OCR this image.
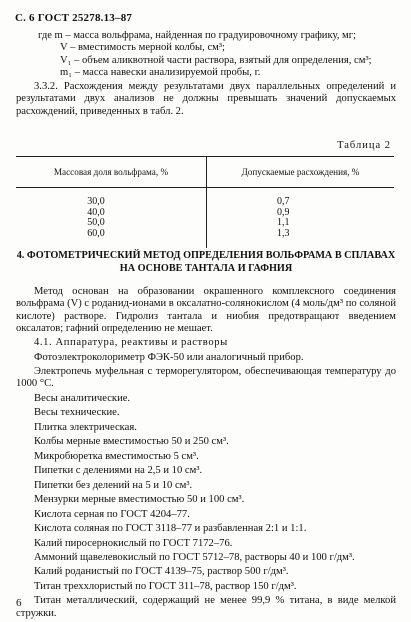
С. 6 ГОСТ 25278.13–87

где m – масса вольфрама, найденная по градуировочному графику, мг;

V – вместимость мерной колбы, см³;

V₁ – объем аликвотной части раствора, взятый для определения, см³;

m₁ – масса навески анализируемой пробы, г.

3.3.2. Расхождения между результатами двух параллельных определений и результатами двух анализов не должны превышать значений допускаемых расхождений, приведенных в табл. 2.

Таблица 2
Массовая доля вольфрама, %	Допускаемые расхождения, %
30,0
40,0
50,0
60,0
0,7
0,9
1,1
1,3
4. ФОТОМЕТРИЧЕСКИЙ МЕТОД ОПРЕДЕЛЕНИЯ ВОЛЬФРАМА В СПЛАВАХ
НА ОСНОВЕ ТАНТАЛА И ГАФНИЯ

Метод основан на образовании окрашенного комплексного соединения вольфрама (V) с роданид-ионами в оксалатно-солянокислом (4 моль/дм³ по соляной кислоте) растворе. Гидролиз тантала и ниобия предотвращают введением оксалатов; гафний определению не мешает.

4.1. Аппаратура, реактивы и растворы

Фотоэлектроколориметр ФЭК-50 или аналогичный прибор.

Электропечь муфельная с терморегулятором, обеспечивающая температуру до 1000 °С.

Весы аналитические.

Весы технические.

Плитка электрическая.

Колбы мерные вместимостью 50 и 250 см³.

Микробюретка вместимостью 5 см³.

Пипетки с делениями на 2,5 и 10 см³.

Пипетки без делений на 5 и 10 см³.

Мензурки мерные вместимостью 50 и 100 см³.

Кислота серная по ГОСТ 4204–77.

Кислота соляная по ГОСТ 3118–77 и разбавленная 2:1 и 1:1.

Калий пиросернокислый по ГОСТ 7172–76.

Аммоний щавелевокислый по ГОСТ 5712–78, растворы 40 и 100 г/дм³.

Калий роданистый по ГОСТ 4139–75, раствор 500 г/дм³.

Титан треххлористый по ГОСТ 311–78, раствор 150 г/дм³.

Титан металлический, содержащий не менее 99,9 % титана, в виде мелкой стружки.

6
